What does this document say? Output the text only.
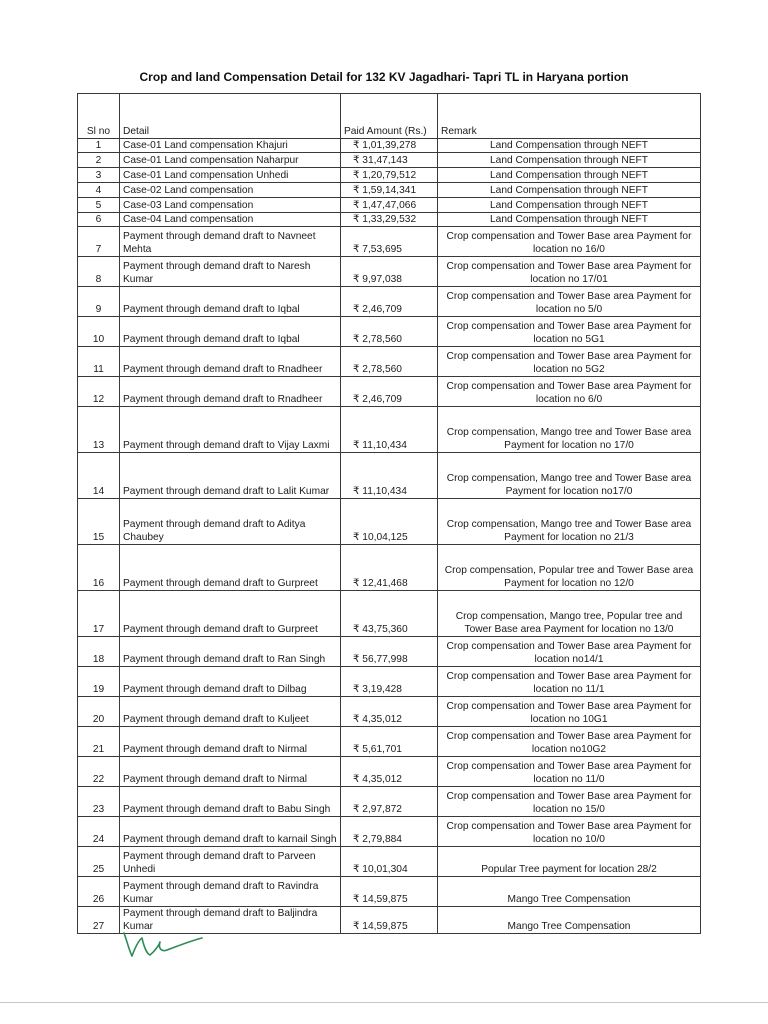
Crop and land Compensation Detail for 132 KV Jagadhari- Tapri TL in Haryana portion
Sl no	Detail	Paid Amount (Rs.)	Remark
1	Case-01 Land compensation Khajuri	₹ 1,01,39,278	Land Compensation through NEFT
2	Case-01 Land compensation Naharpur	₹ 31,47,143	Land Compensation through NEFT
3	Case-01 Land compensation Unhedi	₹ 1,20,79,512	Land Compensation through NEFT
4	Case-02 Land compensation	₹ 1,59,14,341	Land Compensation through NEFT
5	Case-03 Land compensation	₹ 1,47,47,066	Land Compensation through NEFT
6	Case-04 Land compensation	₹ 1,33,29,532	Land Compensation through NEFT
7	Payment through demand draft to Navneet Mehta	₹ 7,53,695	Crop compensation and Tower Base area Payment for location no 16/0
8	Payment through demand draft to Naresh Kumar	₹ 9,97,038	Crop compensation and Tower Base area Payment for location no 17/01
9	Payment through demand draft to Iqbal	₹ 2,46,709	Crop compensation and Tower Base area Payment for location no 5/0
10	Payment through demand draft to Iqbal	₹ 2,78,560	Crop compensation and Tower Base area Payment for location no 5G1
11	Payment through demand draft to Rnadheer	₹ 2,78,560	Crop compensation and Tower Base area Payment for location no 5G2
12	Payment through demand draft to Rnadheer	₹ 2,46,709	Crop compensation and Tower Base area Payment for location no 6/0
13	Payment through demand draft to Vijay Laxmi	₹ 11,10,434	Crop compensation, Mango tree and Tower Base area Payment for location no 17/0
14	Payment through demand draft to Lalit Kumar	₹ 11,10,434	Crop compensation, Mango tree and Tower Base area Payment for location no17/0
15	Payment through demand draft to Aditya Chaubey	₹ 10,04,125	Crop compensation, Mango tree and Tower Base area Payment for location no 21/3
16	Payment through demand draft to Gurpreet	₹ 12,41,468	Crop compensation, Popular tree and Tower Base area Payment for location no 12/0
17	Payment through demand draft to Gurpreet	₹ 43,75,360	Crop compensation, Mango tree, Popular tree and Tower Base area Payment for location no 13/0
18	Payment through demand draft to Ran Singh	₹ 56,77,998	Crop compensation and Tower Base area Payment for location no14/1
19	Payment through demand draft to Dilbag	₹ 3,19,428	Crop compensation and Tower Base area Payment for location no 11/1
20	Payment through demand draft to Kuljeet	₹ 4,35,012	Crop compensation and Tower Base area Payment for location no 10G1
21	Payment through demand draft to Nirmal	₹ 5,61,701	Crop compensation and Tower Base area Payment for location no10G2
22	Payment through demand draft to Nirmal	₹ 4,35,012	Crop compensation and Tower Base area Payment for location no 11/0
23	Payment through demand draft to Babu Singh	₹ 2,97,872	Crop compensation and Tower Base area Payment for location no 15/0
24	Payment through demand draft to karnail Singh	₹ 2,79,884	Crop compensation and Tower Base area Payment for location no 10/0
25	Payment through demand draft to Parveen Unhedi	₹ 10,01,304	Popular Tree payment for location 28/2
26	Payment through demand draft to Ravindra Kumar	₹ 14,59,875	Mango Tree Compensation
27	Payment through demand draft to Baljindra Kumar	₹ 14,59,875	Mango Tree Compensation
